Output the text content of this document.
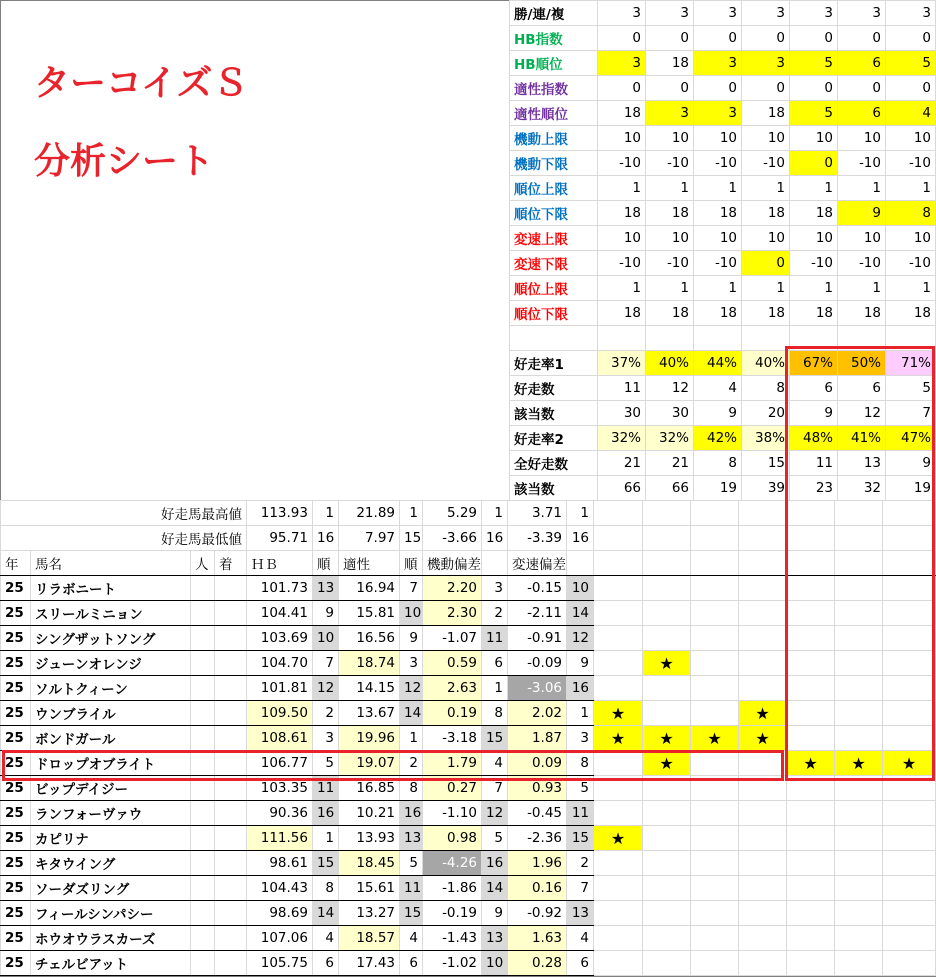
ターコイズＳ
分析シート
勝/連/複	3	3	3	3	3	3	3
HB指数	0	0	0	0	0	0	0
HB順位	3	18	3	3	5	6	5
適性指数	0	0	0	0	0	0	0
適性順位	18	3	3	18	5	6	4
機動上限	10	10	10	10	10	10	10
機動下限	-10	-10	-10	-10	0	-10	-10
順位上限	1	1	1	1	1	1	1
順位下限	18	18	18	18	18	9	8
変速上限	10	10	10	10	10	10	10
変速下限	-10	-10	-10	0	-10	-10	-10
順位上限	1	1	1	1	1	1	1
順位下限	18	18	18	18	18	18	18

好走率1	37%	40%	44%	40%	67%	50%	71%
好走数	11	12	4	8	6	6	5
該当数	30	30	9	20	9	12	7
好走率2	32%	32%	42%	38%	48%	41%	47%
全好走数	21	21	8	15	11	13	9
該当数	66	66	19	39	23	32	19
好走馬最高値				113.93	1	21.89	1	5.29	1	3.71	1							
好走馬最低値				95.71	16	7.97	15	-3.66	16	-3.39	16							
年	馬名	人	着	ＨＢ	順	適性	順	機動偏差		変速偏差								
25	リラボニート			101.73	13	16.94	7	2.20	3	-0.15	10							
25	スリールミニョン			104.41	9	15.81	10	2.30	2	-2.11	14							
25	シングザットソング			103.69	10	16.56	9	-1.07	11	-0.91	12							
25	ジューンオレンジ			104.70	7	18.74	3	0.59	6	-0.09	9		★					
25	ソルトクィーン			101.81	12	14.15	12	2.63	1	-3.06	16							
25	ウンブライル			109.50	2	13.67	14	0.19	8	2.02	1	★			★			
25	ボンドガール			108.61	3	19.96	1	-3.18	15	1.87	3	★	★	★	★			
25	ドロップオブライト			106.77	5	19.07	2	1.79	4	0.09	8		★			★	★	★
25	ビップデイジー			103.35	11	16.85	8	0.27	7	0.93	5							
25	ランフォーヴァウ			90.36	16	10.21	16	-1.10	12	-0.45	11							
25	カピリナ			111.56	1	13.93	13	0.98	5	-2.36	15	★						
25	キタウイング			98.61	15	18.45	5	-4.26	16	1.96	2							
25	ソーダズリング			104.43	8	15.61	11	-1.86	14	0.16	7							
25	フィールシンパシー			98.69	14	13.27	15	-0.19	9	-0.92	13							
25	ホウオウラスカーズ			107.06	4	18.57	4	-1.43	13	1.63	4							
25	チェルビアット			105.75	6	17.43	6	-1.02	10	0.28	6							
